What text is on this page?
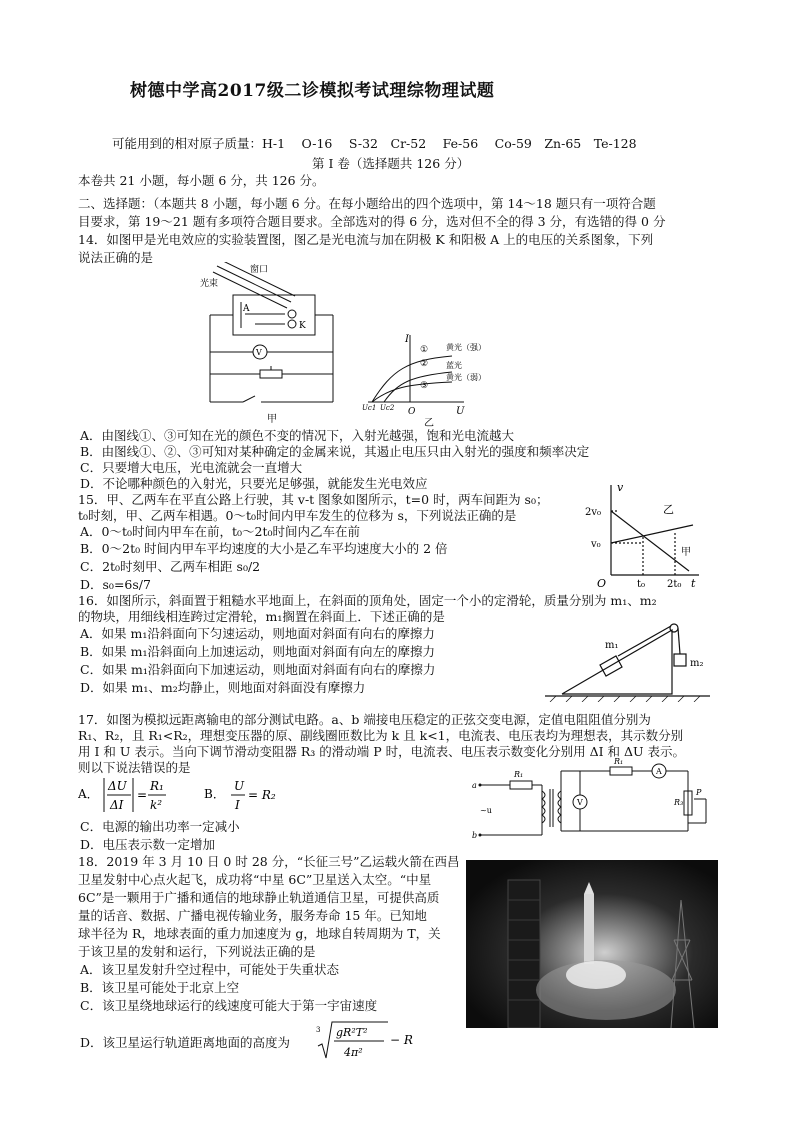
树德中学高2017级二诊模拟考试理综物理试题
可能用到的相对原子质量：H-1　 O-16　 S-32　Cr-52　 Fe-56　 Co-59　Zn-65　Te-128
第 I 卷（选择题共 126 分）
本卷共 21 小题，每小题 6 分，共 126 分。
二、选择题：（本题共 8 小题，每小题 6 分。在每小题给出的四个选项中，第 14～18 题只有一项符合题
目要求，第 19～21 题有多项符合题目要求。全部选对的得 6 分，选对但不全的得 3 分，有选错的得 0 分
14．如图甲是光电效应的实验装置图，图乙是光电流与加在阴极 K 和阳极 A 上的电压的关系图象，下列
说法正确的是
窗口
光束
A
K
V
甲
I
U
O
Uc1 Uc2
①
②
③
黄光（强）
蓝光
黄光（弱）
乙
A．由图线①、③可知在光的颜色不变的情况下，入射光越强，饱和光电流越大
B．由图线①、②、③可知对某种确定的金属来说，其遏止电压只由入射光的强度和频率决定
C．只要增大电压，光电流就会一直增大
D．不论哪种颜色的入射光，只要光足够强，就能发生光电效应
15．甲、乙两车在平直公路上行驶，其 v-t 图象如图所示，t=0 时，两车间距为 s₀；
t₀时刻，甲、乙两车相遇。0～t₀时间内甲车发生的位移为 s，下列说法正确的是
A．0～t₀时间内甲车在前，t₀～2t₀时间内乙车在前
B．0～2t₀ 时间内甲车平均速度的大小是乙车平均速度大小的 2 倍
C．2t₀时刻甲、乙两车相距 s₀/2
D．s₀=6s/7
v
t
O
2v₀
v₀
t₀ 2t₀
乙
甲
16．如图所示，斜面置于粗糙水平地面上，在斜面的顶角处，固定一个小的定滑轮，质量分别为 m₁、m₂
的物块，用细线相连跨过定滑轮，m₁搁置在斜面上．下述正确的是
A．如果 m₁沿斜面向下匀速运动，则地面对斜面有向右的摩擦力
B．如果 m₁沿斜面向上加速运动，则地面对斜面有向左的摩擦力
C．如果 m₁沿斜面向下加速运动，则地面对斜面有向右的摩擦力
D．如果 m₁、m₂均静止，则地面对斜面没有摩擦力
m₁
m₂
17．如图为模拟远距离输电的部分测试电路。a、b 端接电压稳定的正弦交变电源，定值电阻阻值分别为
R₁、R₂，且 R₁<R₂，理想变压器的原、副线圈匝数比为 k 且 k<1，电流表、电压表均为理想表，其示数分别
用 I 和 U 表示。当向下调节滑动变阻器 R₃ 的滑动端 P 时，电流表、电压表示数变化分别用 ΔI 和 ΔU 表示。
则以下说法错误的是
A．
ΔU
ΔI
=
R₁
k²
B．
U
I
= R₂
C．电源的输出功率一定减小
D．电压表示数一定增加
R₁
R₁
R₃
P
a
b
~u
V
A
18．2019 年 3 月 10 日 0 时 28 分，“长征三号”乙运载火箭在西昌
卫星发射中心点火起飞，成功将“中星 6C”卫星送入太空。“中星
6C”是一颗用于广播和通信的地球静止轨道通信卫星，可提供高质
量的话音、数据、广播电视传输业务，服务寿命 15 年。已知地
球半径为 R，地球表面的重力加速度为 g，地球自转周期为 T，关
于该卫星的发射和运行，下列说法正确的是
A．该卫星发射升空过程中，可能处于失重状态
B．该卫星可能处于北京上空
C．该卫星绕地球运行的线速度可能大于第一宇宙速度
D．该卫星运行轨道距离地面的高度为
3 gR²T²
4π²
− R
